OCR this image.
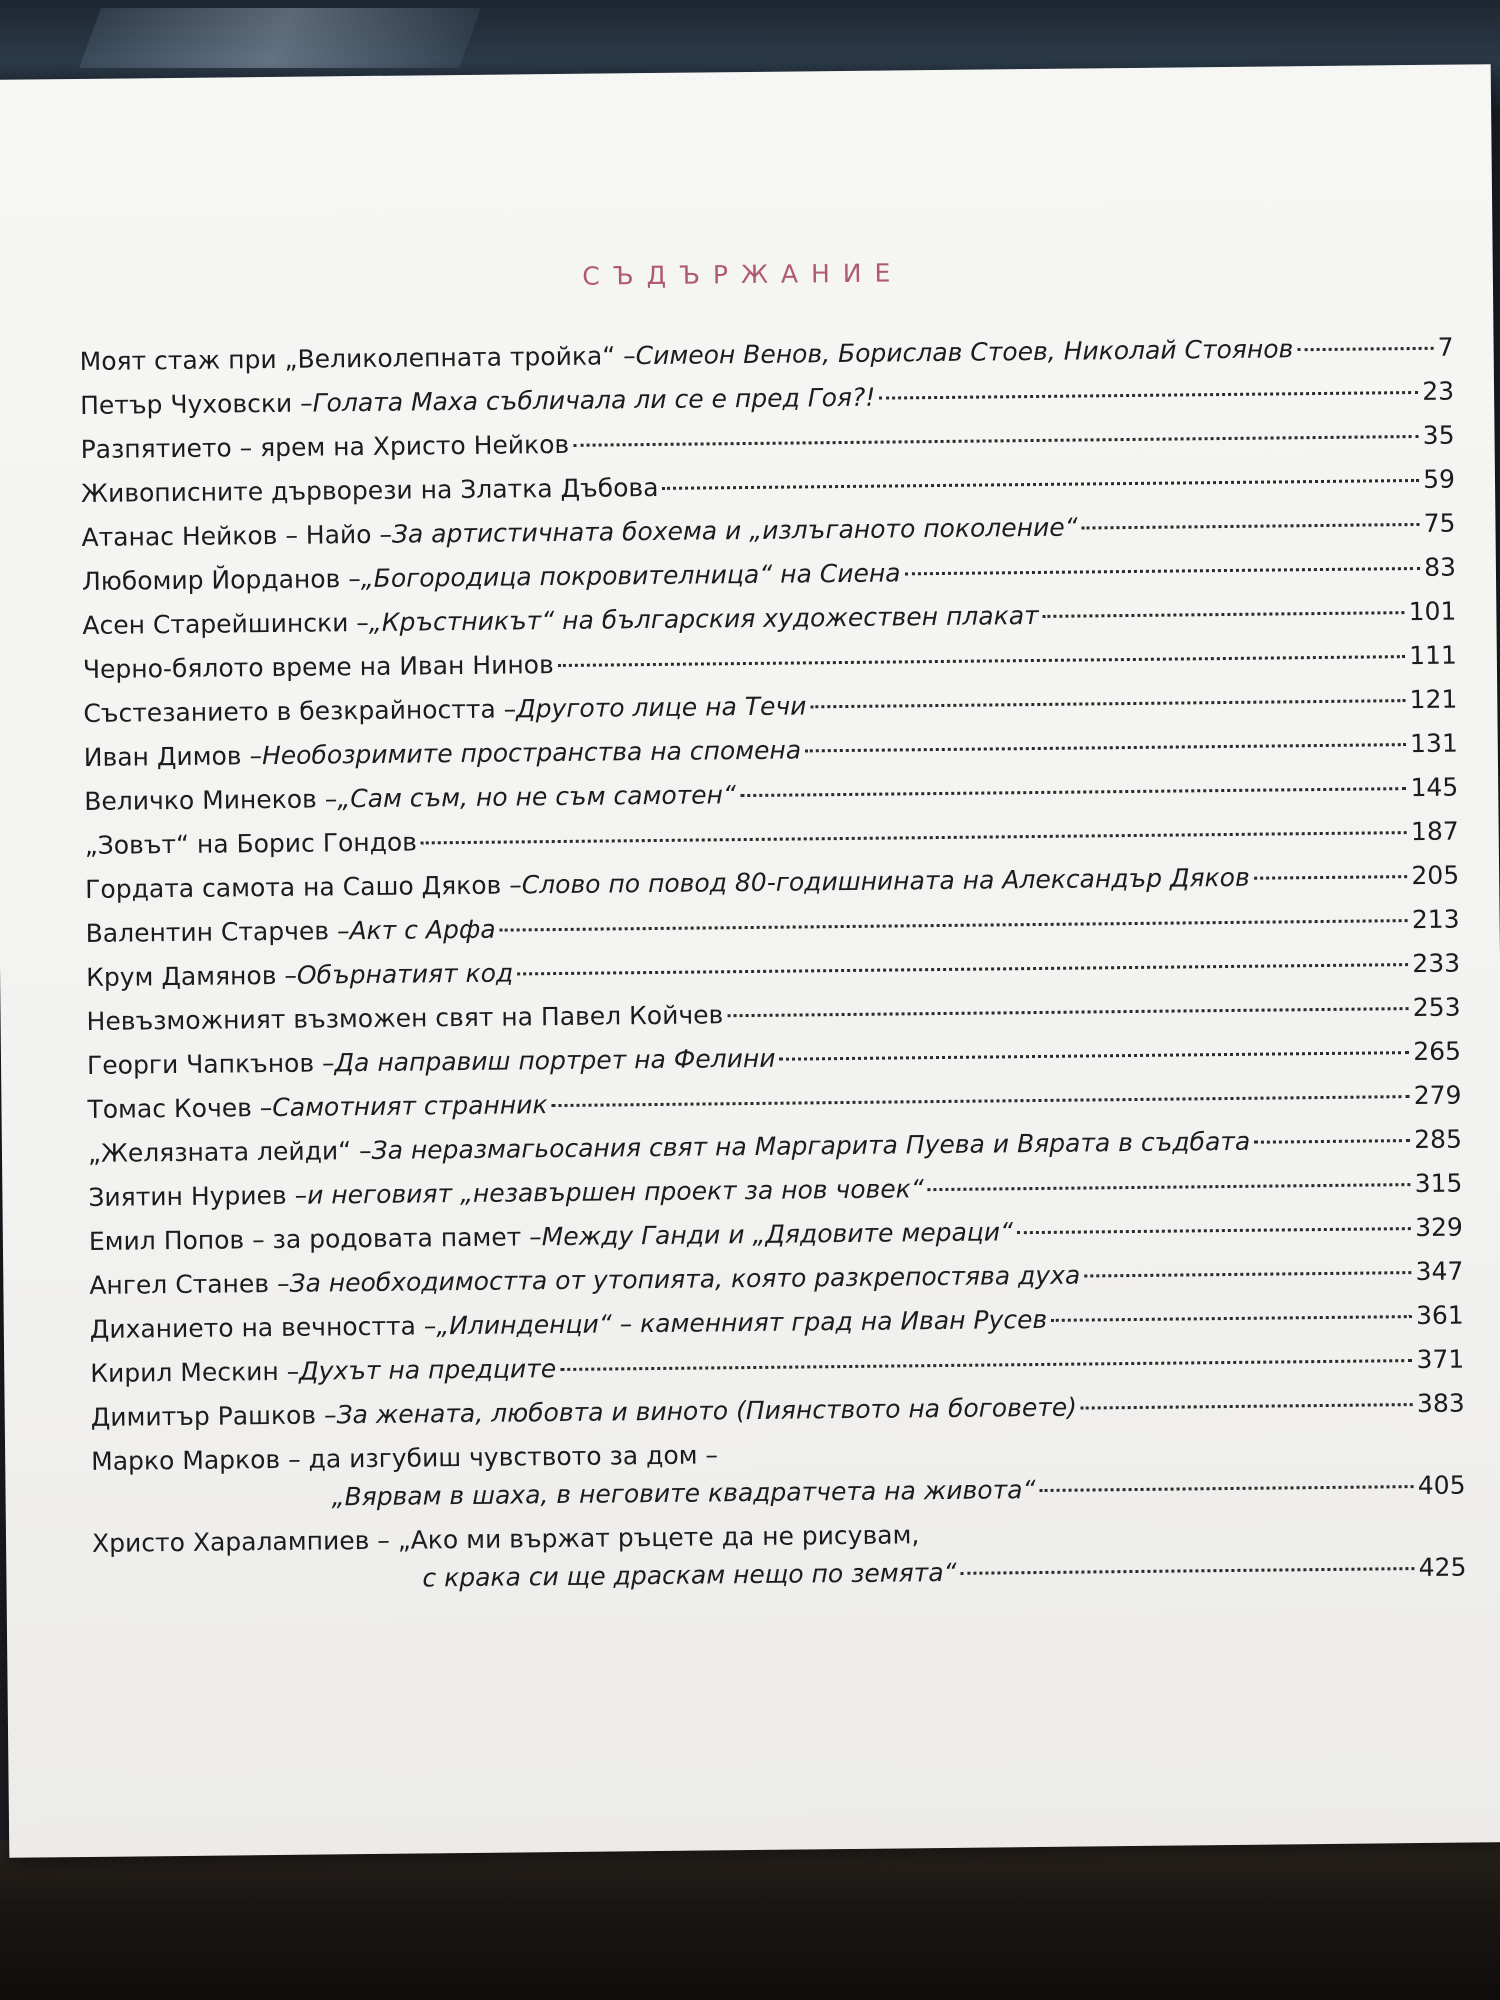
СЪДЪРЖАНИЕ
Моят стаж при „Великолепната тройка“ – Симеон Венов, Борислав Стоев, Николай Стоянов	7
Петър Чуховски – Голата Маха събличала ли се е пред Гоя?!	23
Разпятието – ярем на Христо Нейков	35
Живописните дърворези на Златка Дъбова	59
Атанас Нейков – Найо – За артистичната бохема и „излъганото поколение“	75
Любомир Йорданов – „Богородица покровителница“ на Сиена	83
Асен Старейшински – „Кръстникът“ на българския художествен плакат	101
Черно-бялото време на Иван Нинов	111
Състезанието в безкрайността – Другото лице на Течи	121
Иван Димов – Необозримите пространства на спомена	131
Величко Минеков – „Сам съм, но не съм самотен“	145
„Зовът“ на Борис Гондов	187
Гордата самота на Сашо Дяков – Слово по повод 80-годишнината на Александър Дяков	205
Валентин Старчев – Акт с Арфа	213
Крум Дамянов – Обърнатият код	233
Невъзможният възможен свят на Павел Койчев	253
Георги Чапкънов – Да направиш портрет на Фелини	265
Томас Кочев – Самотният странник	279
„Желязната лейди“ – За неразмагьосания свят на Маргарита Пуева и Вярата в съдбата	285
Зиятин Нуриев – и неговият „незавършен проект за нов човек“	315
Емил Попов – за родовата памет – Между Ганди и „Дядовите мераци“	329
Ангел Станев – За необходимостта от утопията, която разкрепостява духа	347
Диханието на вечността – „Илинденци“ – каменният град на Иван Русев	361
Кирил Мескин – Духът на предците	371
Димитър Рашков – За жената, любовта и виното (Пиянството на боговете)	383
Марко Марков – да изгубиш чувството за дом –
„Вярвам в шаха, в неговите квадратчета на живота“	405
Христо Харалампиев – „Ако ми вържат ръцете да не рисувам,
с крака си ще драскам нещо по земята“	425
